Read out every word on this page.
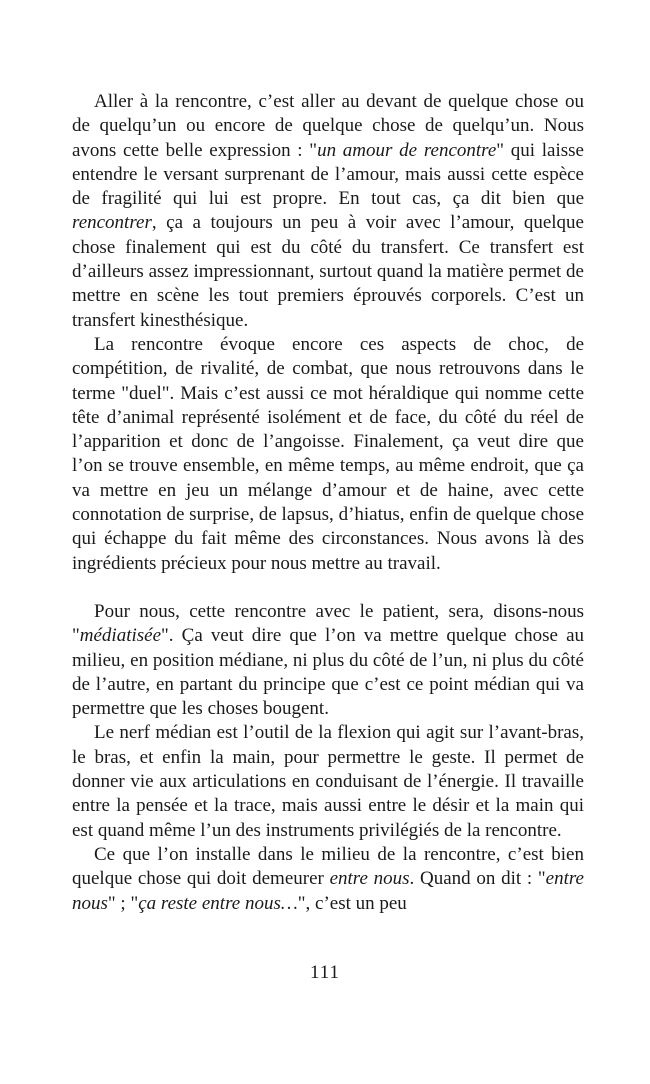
Aller à la rencontre, c’est aller au devant de quelque chose ou de quelqu’un ou encore de quelque chose de quelqu’un. Nous avons cette belle expression : "un amour de rencontre" qui laisse entendre le versant surprenant de l’amour, mais aussi cette espèce de fragilité qui lui est propre. En tout cas, ça dit bien que rencontrer, ça a toujours un peu à voir avec l’amour, quelque chose finalement qui est du côté du transfert. Ce transfert est d’ailleurs assez impressionnant, surtout quand la matière permet de mettre en scène les tout premiers éprouvés corporels. C’est un transfert kinesthésique.

La rencontre évoque encore ces aspects de choc, de compétition, de rivalité, de combat, que nous retrouvons dans le terme "duel". Mais c’est aussi ce mot héraldique qui nomme cette tête d’animal représenté isolément et de face, du côté du réel de l’apparition et donc de l’angoisse. Finalement, ça veut dire que l’on se trouve ensemble, en même temps, au même endroit, que ça va mettre en jeu un mélange d’amour et de haine, avec cette connotation de surprise, de lapsus, d’hiatus, enfin de quelque chose qui échappe du fait même des circonstances. Nous avons là des ingrédients précieux pour nous mettre au travail.

Pour nous, cette rencontre avec le patient, sera, disons-nous "médiatisée". Ça veut dire que l’on va mettre quelque chose au milieu, en position médiane, ni plus du côté de l’un, ni plus du côté de l’autre, en partant du principe que c’est ce point médian qui va permettre que les choses bougent.

Le nerf médian est l’outil de la flexion qui agit sur l’avant-bras, le bras, et enfin la main, pour permettre le geste. Il permet de donner vie aux articulations en conduisant de l’énergie. Il travaille entre la pensée et la trace, mais aussi entre le désir et la main qui est quand même l’un des instruments privilégiés de la rencontre.

Ce que l’on installe dans le milieu de la rencontre, c’est bien quelque chose qui doit demeurer entre nous. Quand on dit : "entre nous" ; "ça reste entre nous…", c’est un peu

111
